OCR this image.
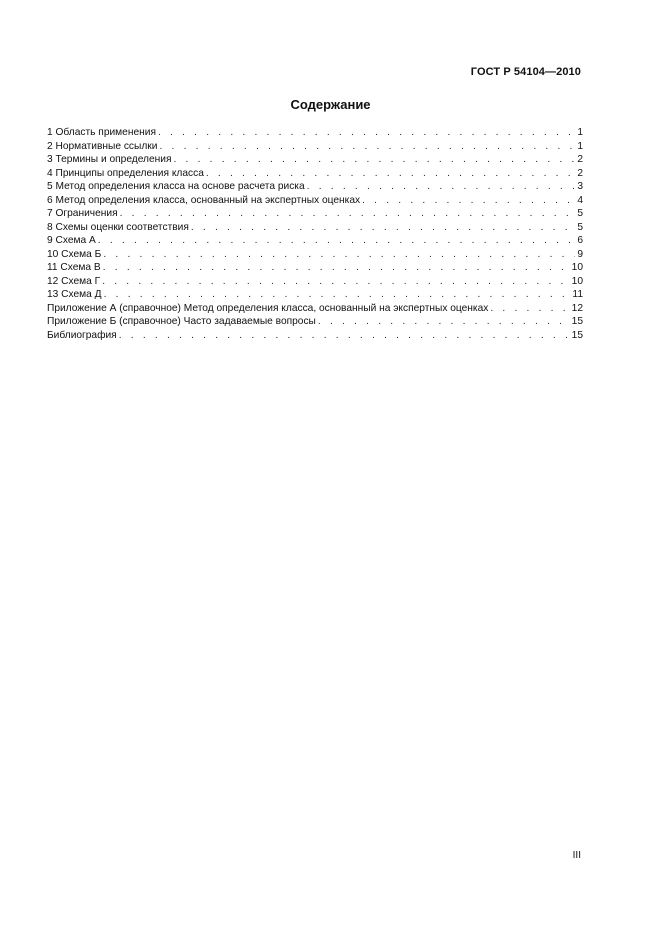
ГОСТ Р 54104—2010
Содержание
1 Область применения . . .	1
2 Нормативные ссылки . . .	1
3 Термины и определения . . .	2
4 Принципы определения класса . . .	2
5 Метод определения класса на основе расчета риска . . .	3
6 Метод определения класса, основанный на экспертных оценках . . .	4
7 Ограничения . . .	5
8 Схемы оценки соответствия . . .	5
9 Схема А . . .	6
10 Схема Б . . .	9
11 Схема В . . .	10
12 Схема Г . . .	10
13 Схема Д . . .	11
Приложение А (справочное) Метод определения класса, основанный на экспертных оценках . . .	12
Приложение Б (справочное) Часто задаваемые вопросы . . .	15
Библиография . . .	15
III
